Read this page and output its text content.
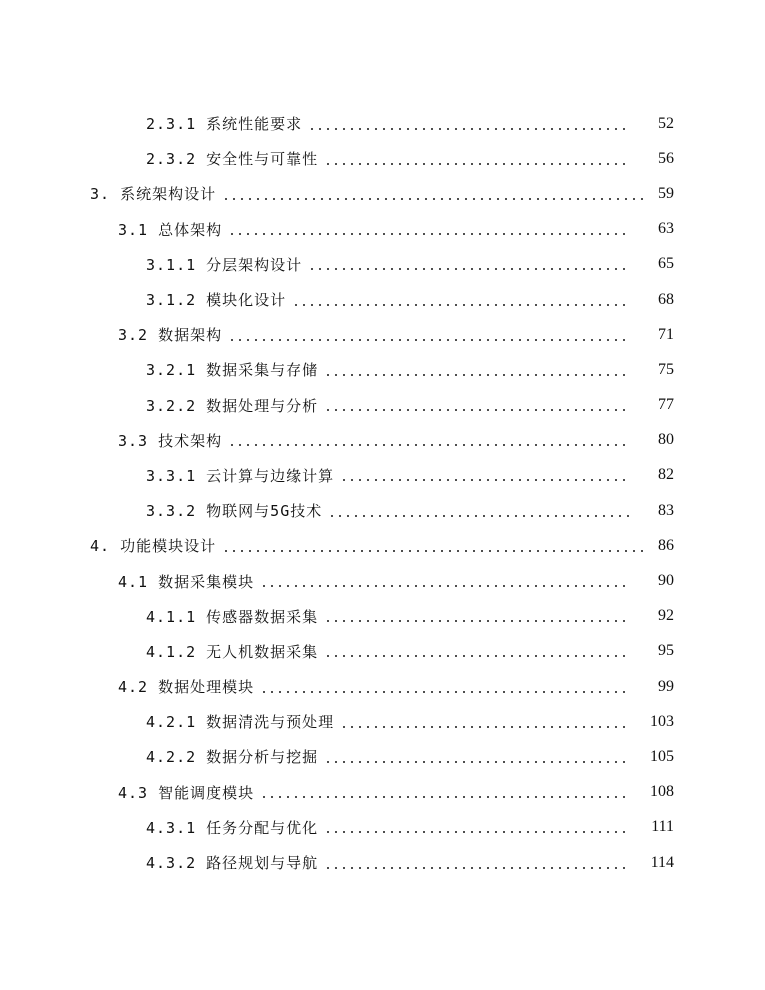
2.3.1 系统性能要求	52
2.3.2 安全性与可靠性	56
3. 系统架构设计	59
3.1 总体架构	63
3.1.1 分层架构设计	65
3.1.2 模块化设计	68
3.2 数据架构	71
3.2.1 数据采集与存储	75
3.2.2 数据处理与分析	77
3.3 技术架构	80
3.3.1 云计算与边缘计算	82
3.3.2 物联网与5G技术	83
4. 功能模块设计	86
4.1 数据采集模块	90
4.1.1 传感器数据采集	92
4.1.2 无人机数据采集	95
4.2 数据处理模块	99
4.2.1 数据清洗与预处理	103
4.2.2 数据分析与挖掘	105
4.3 智能调度模块	108
4.3.1 任务分配与优化	111
4.3.2 路径规划与导航	114
